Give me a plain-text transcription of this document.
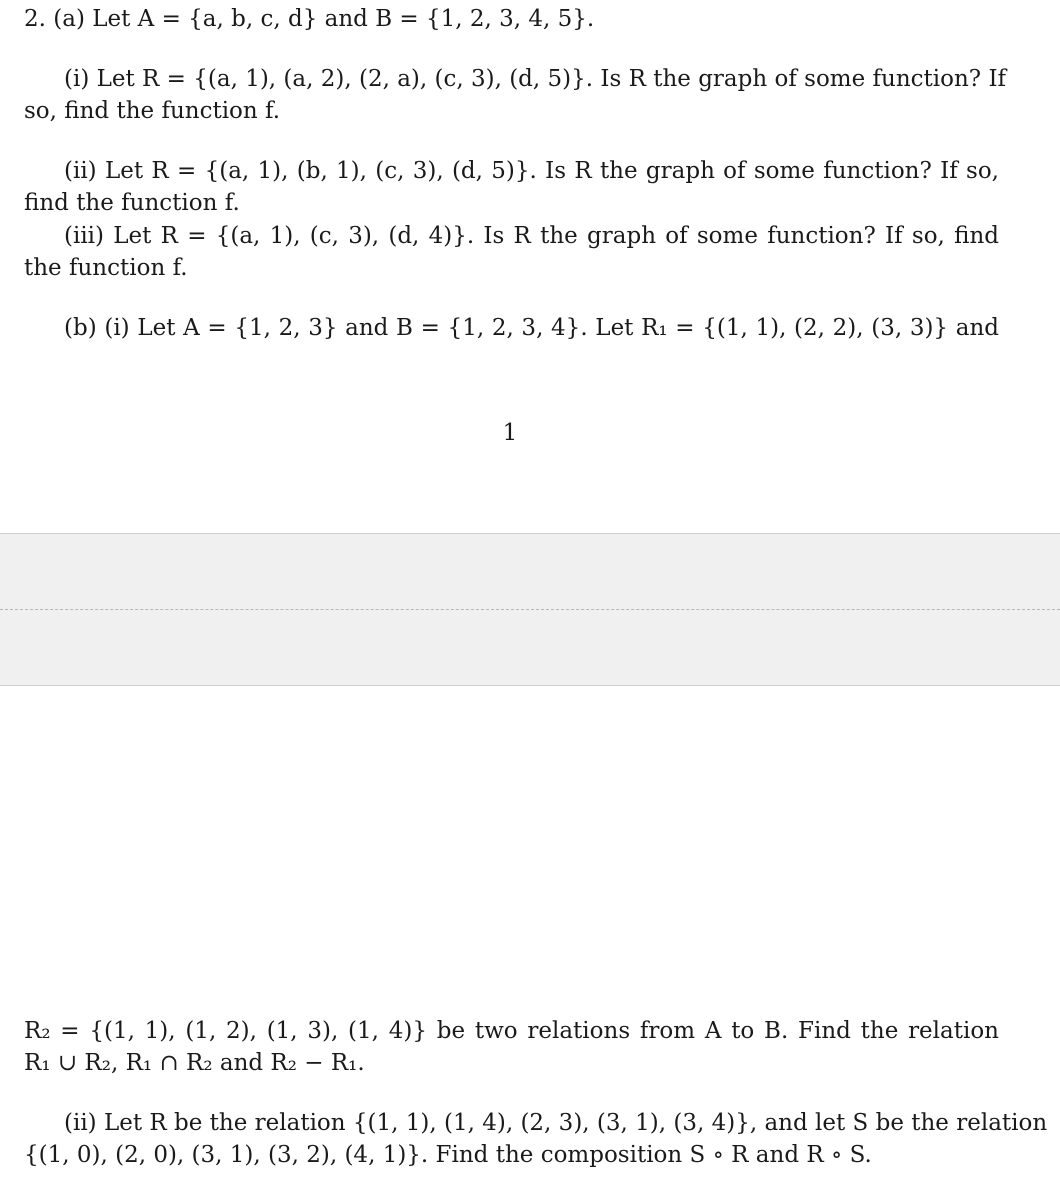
2. (a) Let A = {a, b, c, d} and B = {1, 2, 3, 4, 5}.
(i) Let R = {(a, 1), (a, 2), (2, a), (c, 3), (d, 5)}. Is R the graph of some function? If
so, find the function f.
(ii) Let R = {(a, 1), (b, 1), (c, 3), (d, 5)}. Is R the graph of some function? If so,
find the function f.
(iii) Let R = {(a, 1), (c, 3), (d, 4)}. Is R the graph of some function? If so, find
the function f.
(b) (i) Let A = {1, 2, 3} and B = {1, 2, 3, 4}. Let R₁ = {(1, 1), (2, 2), (3, 3)} and
1
R₂ = {(1, 1), (1, 2), (1, 3), (1, 4)} be two relations from A to B. Find the relation
R₁ ∪ R₂, R₁ ∩ R₂ and R₂ − R₁.
(ii) Let R be the relation {(1, 1), (1, 4), (2, 3), (3, 1), (3, 4)}, and let S be the relation
{(1, 0), (2, 0), (3, 1), (3, 2), (4, 1)}. Find the composition S ∘ R and R ∘ S.
